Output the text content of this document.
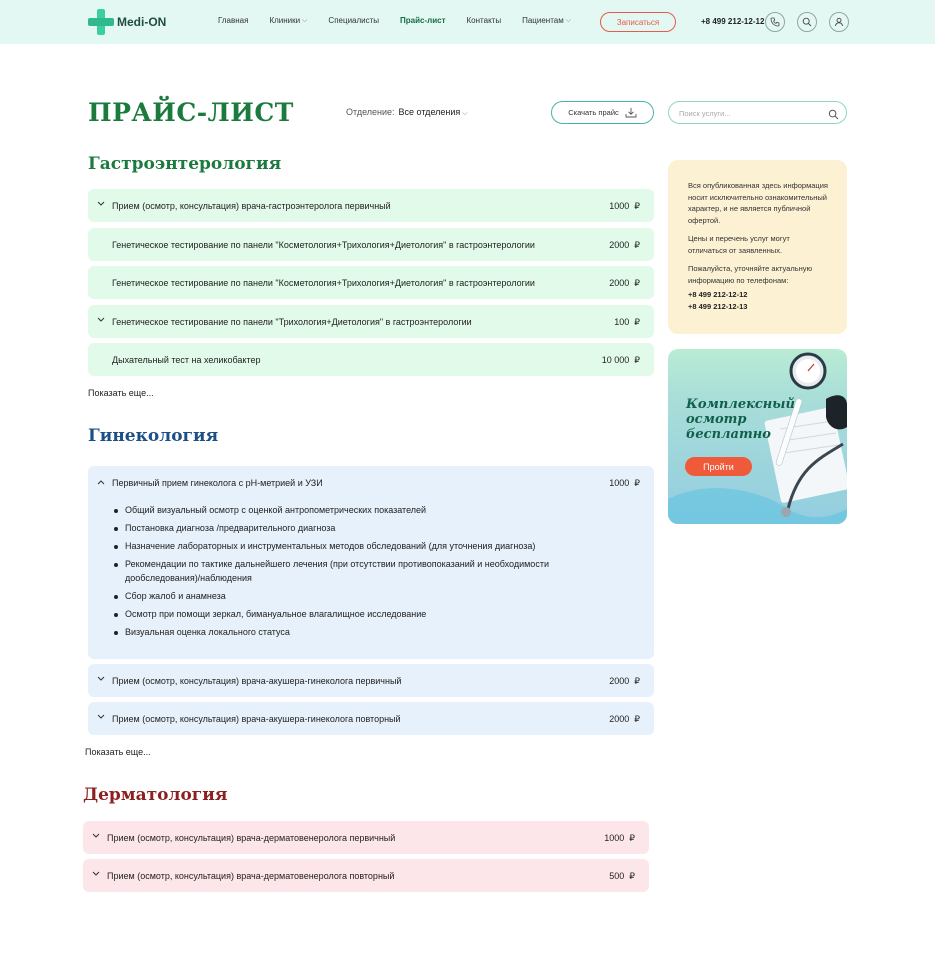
Medi-ON	Главная	Клиники ⌵	Специалисты	Прайс-лист	Контакты	Пациентам ⌵	Записаться	+8 499 212-12-12
ПРАЙС-ЛИСТ	Отделение: Все отделения ⌵	Скачать прайс
Поиск услуги...
Гастроэнтерология
Прием (осмотр, консультация) врача-гастроэнтеролога первичный	1000 ₽
Генетическое тестирование по панели "Косметология+Трихология+Диетология" в гастроэнтерологии	2000 ₽
Генетическое тестирование по панели "Косметология+Трихология+Диетология" в гастроэнтерологии	2000 ₽
Генетическое тестирование по панели "Трихология+Диетология" в гастроэнтерологии	100 ₽
Дыхательный тест на хеликобактер	10 000 ₽
Показать еще...
Гинекология
Первичный прием гинеколога с pH-метрией и УЗИ	1000 ₽
Общий визуальный осмотр с оценкой антропометрических показателей
Постановка диагноза /предварительного диагноза
Назначение лабораторных и инструментальных методов обследований (для уточнения диагноза)
Рекомендации по тактике дальнейшего лечения (при отсутствии противопоказаний и необходимости дообследования)/наблюдения
Сбор жалоб и анамнеза
Осмотр при помощи зеркал, бимануальное влагалищное исследование
Визуальная оценка локального статуса
Прием (осмотр, консультация) врача-акушера-гинеколога первичный	2000 ₽
Прием (осмотр, консультация) врача-акушера-гинеколога повторный	2000 ₽
Показать еще...
Дерматология
Прием (осмотр, консультация) врача-дерматовенеролога первичный	1000 ₽
Прием (осмотр, консультация) врача-дерматовенеролога повторный	500 ₽

Вся опубликованная здесь информация носит исключительно ознакомительный характер, и не является публичной офертой.

Цены и перечень услуг могут отличаться от заявленных.

Пожалуйста, уточняйте актуальную информацию по телефонам:

+8 499 212-12-12
+8 499 212-12-13
Комплексный осмотр бесплатно
Пройти
